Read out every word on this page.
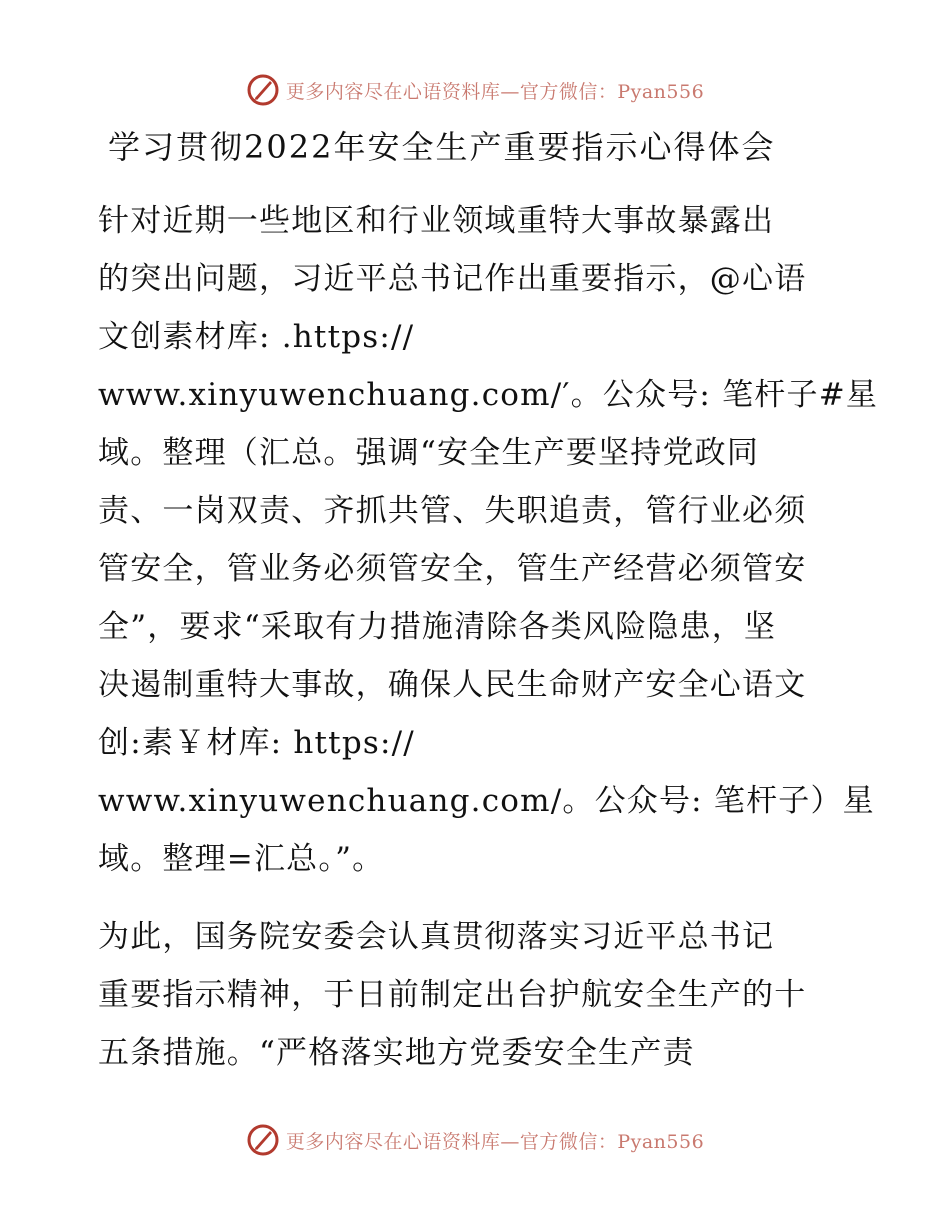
更多内容尽在心语资料库—官方微信：Pyan556
学习贯彻2022年安全生产重要指示心得体会
针对近期一些地区和行业领域重特大事故暴露出
的突出问题，习近平总书记作出重要指示，@心语
文创素材库: .https://
www.xinyuwenchuang.com/′。公众号: 笔杆子#星
域。整理（汇总。强调“安全生产要坚持党政同
责、一岗双责、齐抓共管、失职追责，管行业必须
管安全，管业务必须管安全，管生产经营必须管安
全”，要求“采取有力措施清除各类风险隐患，坚
决遏制重特大事故，确保人民生命财产安全心语文
创:素￥材库: https://
www.xinyuwenchuang.com/。公众号: 笔杆子）星
域。整理=汇总。”。
为此，国务院安委会认真贯彻落实习近平总书记
重要指示精神，于日前制定出台护航安全生产的十
五条措施。“严格落实地方党委安全生产责
更多内容尽在心语资料库—官方微信：Pyan556
